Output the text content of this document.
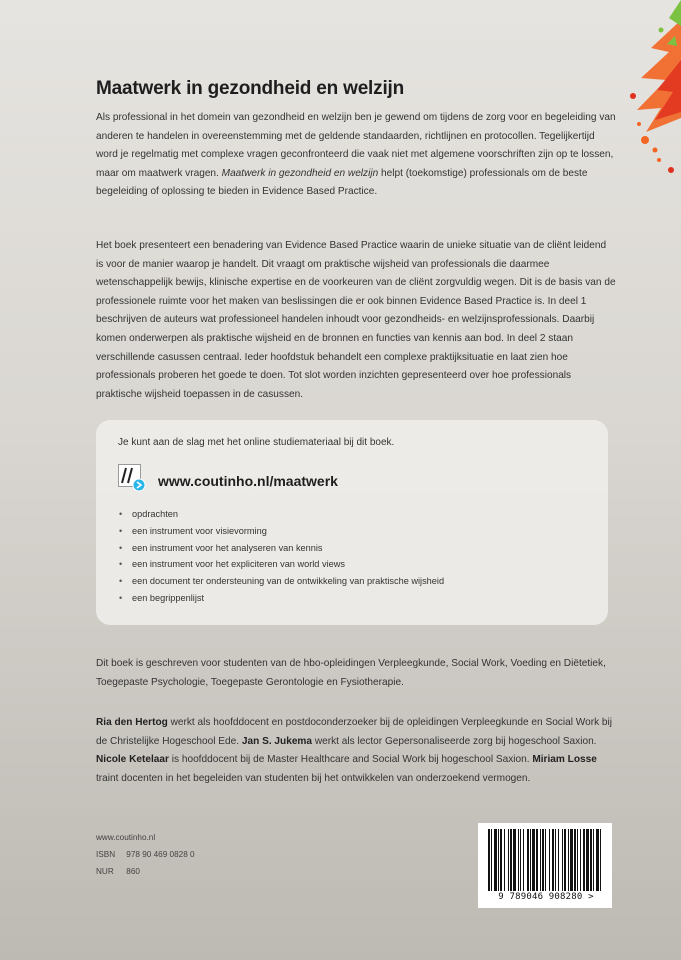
Maatwerk in gezondheid en welzijn
Als professional in het domein van gezondheid en welzijn ben je gewend om tijdens de zorg voor en begeleiding van anderen te handelen in overeenstemming met de geldende standaarden, richtlijnen en protocollen. Tegelijkertijd word je regelmatig met complexe vragen geconfronteerd die vaak niet met algemene voorschriften zijn op te lossen, maar om maatwerk vragen. Maatwerk in gezondheid en welzijn helpt (toekomstige) professionals om de beste begeleiding of oplossing te bieden in Evidence Based Practice.
Het boek presenteert een benadering van Evidence Based Practice waarin de unieke situatie van de cliënt leidend is voor de manier waarop je handelt. Dit vraagt om praktische wijsheid van professionals die daarmee wetenschappelijk bewijs, klinische expertise en de voorkeuren van de cliënt zorgvuldig wegen. Dit is de basis van de professionele ruimte voor het maken van beslissingen die er ook binnen Evidence Based Practice is. In deel 1 beschrijven de auteurs wat professioneel handelen inhoudt voor gezondheids- en welzijnsprofessionals. Daarbij komen onderwerpen als praktische wijsheid en de bronnen en functies van kennis aan bod. In deel 2 staan verschillende casussen centraal. Ieder hoofdstuk behandelt een complexe praktijksituatie en laat zien hoe professionals proberen het goede te doen. Tot slot worden inzichten gepresenteerd over hoe professionals praktische wijsheid toepassen in de casussen.
Je kunt aan de slag met het online studiemateriaal bij dit boek.
www.coutinho.nl/maatwerk
• opdrachten
• een instrument voor visievorming
• een instrument voor het analyseren van kennis
• een instrument voor het expliciteren van world views
• een document ter ondersteuning van de ontwikkeling van praktische wijsheid
• een begrippenlijst
Dit boek is geschreven voor studenten van de hbo-opleidingen Verpleegkunde, Social Work, Voeding en Diëtetiek, Toegepaste Psychologie, Toegepaste Gerontologie en Fysiotherapie.
Ria den Hertog werkt als hoofddocent en postdoconderzoeker bij de opleidingen Verpleegkunde en Social Work bij de Christelijke Hogeschool Ede. Jan S. Jukema werkt als lector Gepersonaliseerde zorg bij hogeschool Saxion. Nicole Ketelaar is hoofddocent bij de Master Healthcare and Social Work bij hogeschool Saxion. Miriam Losse traint docenten in het begeleiden van studenten bij het ontwikkelen van onderzoekend vermogen.
www.coutinho.nl
ISBN 978 90 469 0828 0
NUR 860
9 789046 908280 >
